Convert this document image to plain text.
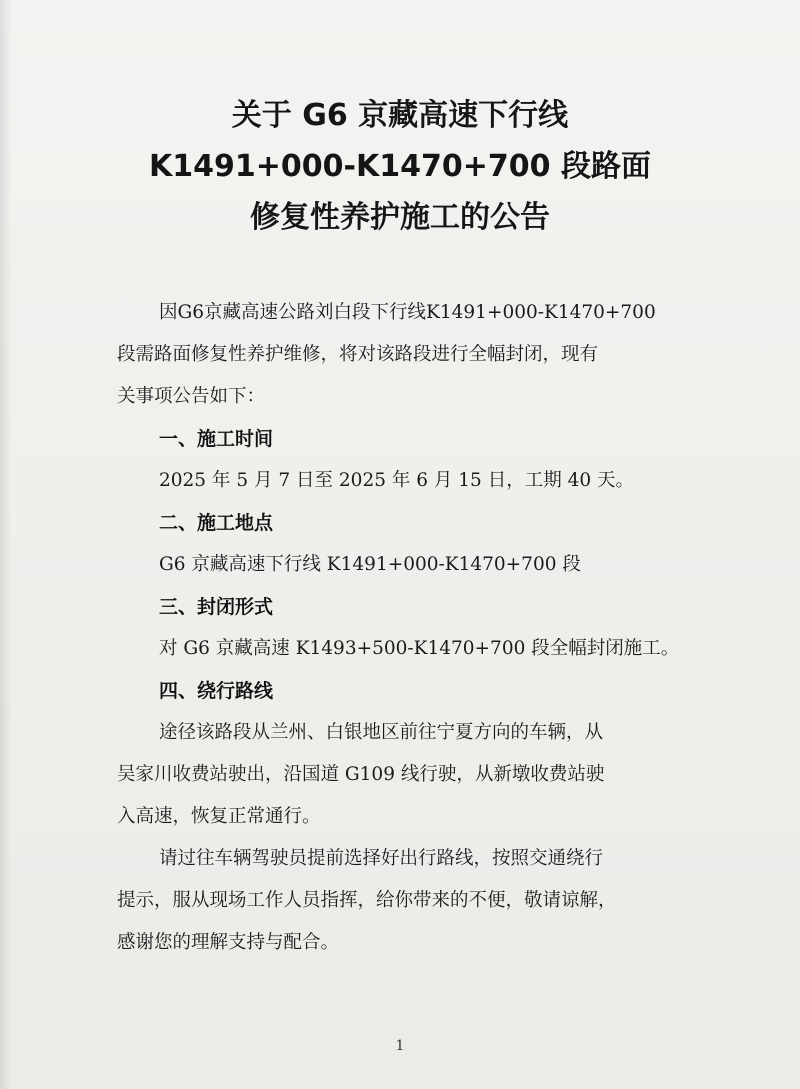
关于 G6 京藏高速下行线
K1491+000-K1470+700 段路面
修复性养护施工的公告
因G6京藏高速公路刘白段下行线K1491+000-K1470+700
段需路面修复性养护维修，将对该路段进行全幅封闭，现有
关事项公告如下：
一、施工时间
2025 年 5 月 7 日至 2025 年 6 月 15 日，工期 40 天。
二、施工地点
G6 京藏高速下行线 K1491+000-K1470+700 段
三、封闭形式
对 G6 京藏高速 K1493+500-K1470+700 段全幅封闭施工。
四、绕行路线
途径该路段从兰州、白银地区前往宁夏方向的车辆，从
吴家川收费站驶出，沿国道 G109 线行驶，从新墩收费站驶
入高速，恢复正常通行。
请过往车辆驾驶员提前选择好出行路线，按照交通绕行
提示，服从现场工作人员指挥，给你带来的不便，敬请谅解，
感谢您的理解支持与配合。
1
